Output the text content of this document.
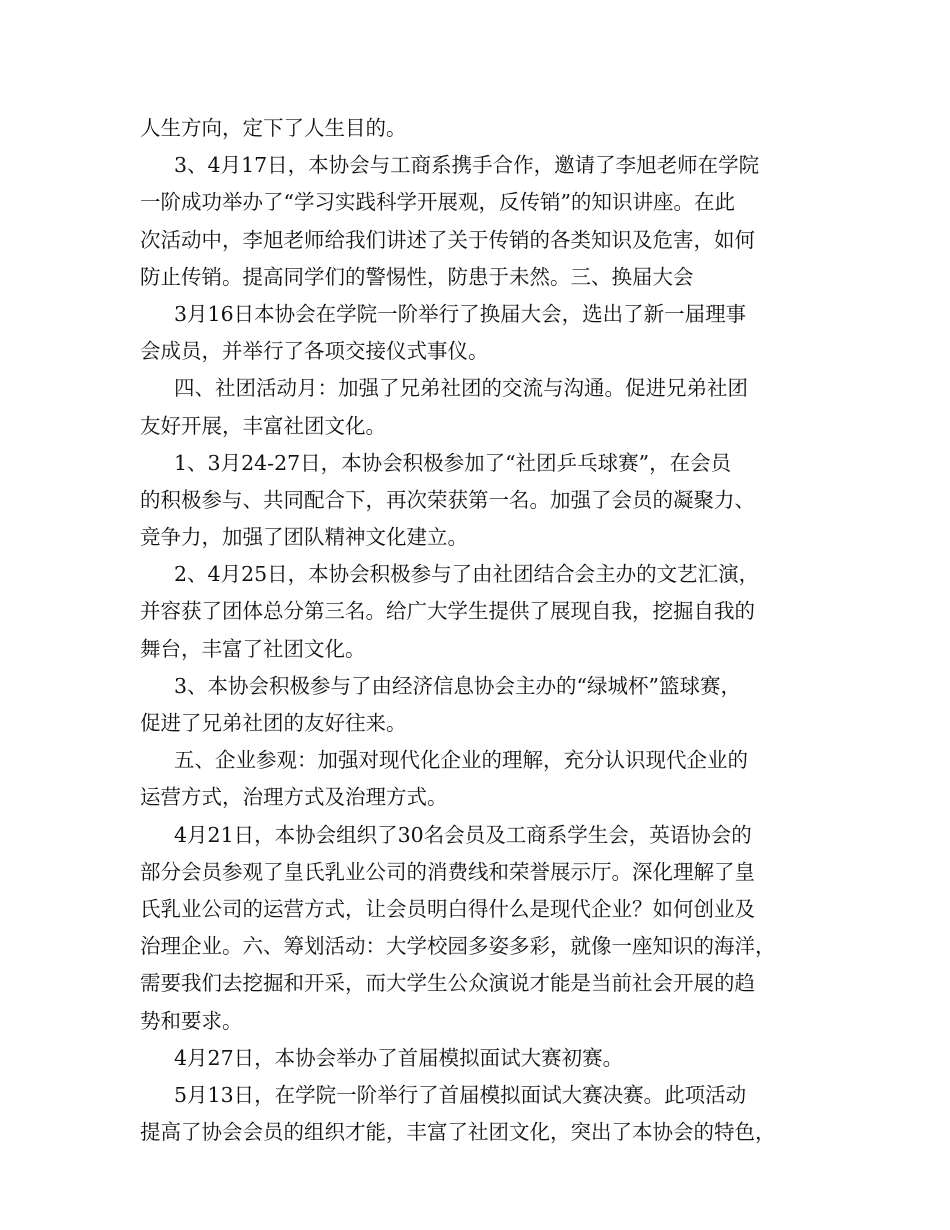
人生方向，定下了人生目的。
3、4月17日，本协会与工商系携手合作，邀请了李旭老师在学院
一阶成功举办了“学习实践科学开展观，反传销”的知识讲座。在此
次活动中，李旭老师给我们讲述了关于传销的各类知识及危害，如何
防止传销。提高同学们的警惕性，防患于未然。三、换届大会
3月16日本协会在学院一阶举行了换届大会，选出了新一届理事
会成员，并举行了各项交接仪式事仪。
四、社团活动月：加强了兄弟社团的交流与沟通。促进兄弟社团
友好开展，丰富社团文化。
1、3月24-27日，本协会积极参加了“社团乒乓球赛”，在会员
的积极参与、共同配合下，再次荣获第一名。加强了会员的凝聚力、
竞争力，加强了团队精神文化建立。
2、4月25日，本协会积极参与了由社团结合会主办的文艺汇演，
并容获了团体总分第三名。给广大学生提供了展现自我，挖掘自我的
舞台，丰富了社团文化。
3、本协会积极参与了由经济信息协会主办的“绿城杯”篮球赛，
促进了兄弟社团的友好往来。
五、企业参观：加强对现代化企业的理解，充分认识现代企业的
运营方式，治理方式及治理方式。
4月21日，本协会组织了30名会员及工商系学生会，英语协会的
部分会员参观了皇氏乳业公司的消费线和荣誉展示厅。深化理解了皇
氏乳业公司的运营方式，让会员明白得什么是现代企业？如何创业及
治理企业。六、筹划活动：大学校园多姿多彩，就像一座知识的海洋，
需要我们去挖掘和开采，而大学生公众演说才能是当前社会开展的趋
势和要求。
4月27日，本协会举办了首届模拟面试大赛初赛。
5月13日，在学院一阶举行了首届模拟面试大赛决赛。此项活动
提高了协会会员的组织才能，丰富了社团文化，突出了本协会的特色，
